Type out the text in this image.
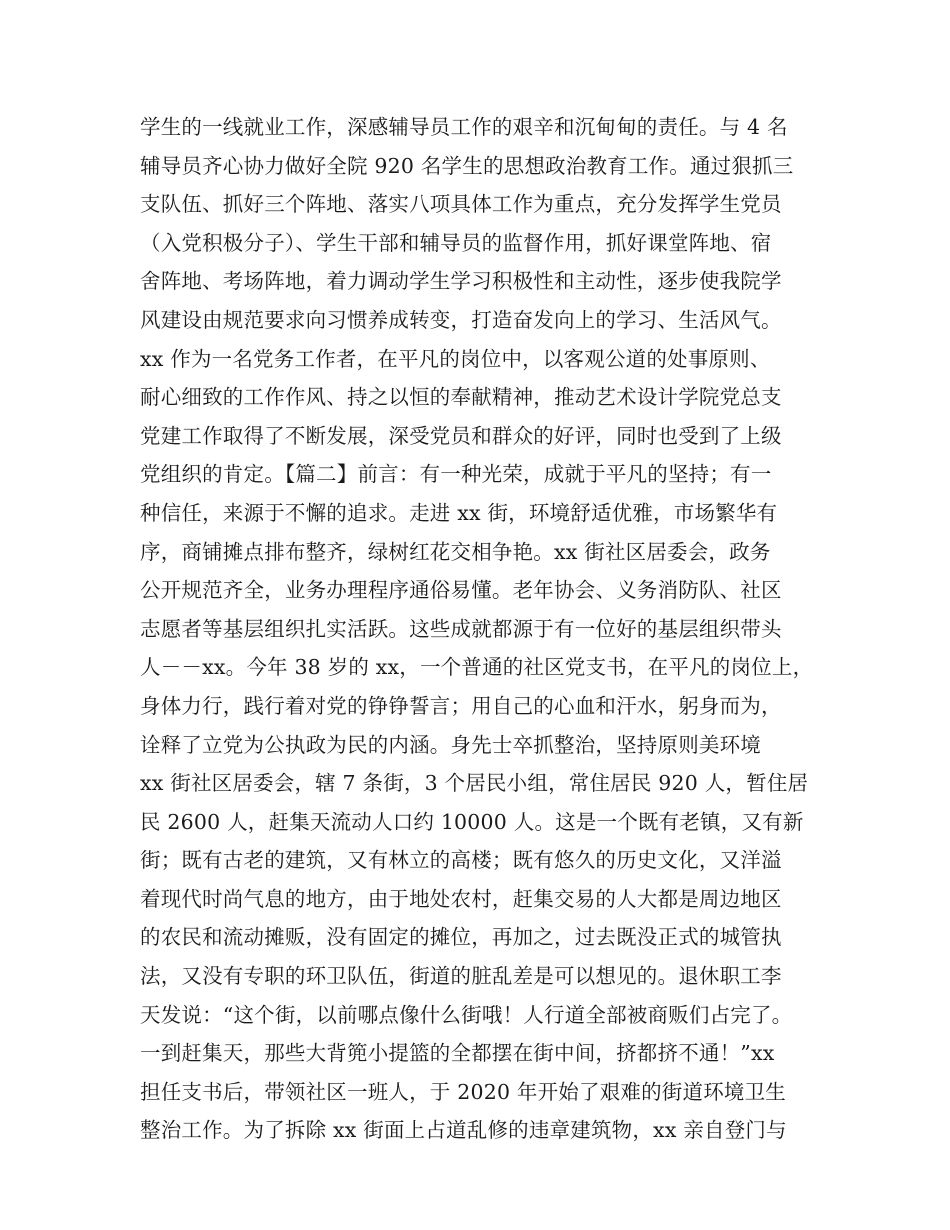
学生的一线就业工作，深感辅导员工作的艰辛和沉甸甸的责任。与 4 名
辅导员齐心协力做好全院 920 名学生的思想政治教育工作。通过狠抓三
支队伍、抓好三个阵地、落实八项具体工作为重点，充分发挥学生党员
（入党积极分子）、学生干部和辅导员的监督作用，抓好课堂阵地、宿
舍阵地、考场阵地，着力调动学生学习积极性和主动性，逐步使我院学
风建设由规范要求向习惯养成转变，打造奋发向上的学习、生活风气。
xx 作为一名党务工作者，在平凡的岗位中，以客观公道的处事原则、
耐心细致的工作作风、持之以恒的奉献精神，推动艺术设计学院党总支
党建工作取得了不断发展，深受党员和群众的好评，同时也受到了上级
党组织的肯定。【篇二】前言：有一种光荣，成就于平凡的坚持；有一
种信任，来源于不懈的追求。走进 xx 街，环境舒适优雅，市场繁华有
序，商铺摊点排布整齐，绿树红花交相争艳。xx 街社区居委会，政务
公开规范齐全，业务办理程序通俗易懂。老年协会、义务消防队、社区
志愿者等基层组织扎实活跃。这些成就都源于有一位好的基层组织带头
人－－xx。今年 38 岁的 xx，一个普通的社区党支书，在平凡的岗位上，
身体力行，践行着对党的铮铮誓言；用自己的心血和汗水，躬身而为，
诠释了立党为公执政为民的内涵。身先士卒抓整治，坚持原则美环境
xx 街社区居委会，辖 7 条街，3 个居民小组，常住居民 920 人，暂住居
民 2600 人，赶集天流动人口约 10000 人。这是一个既有老镇，又有新
街；既有古老的建筑，又有林立的高楼；既有悠久的历史文化，又洋溢
着现代时尚气息的地方，由于地处农村，赶集交易的人大都是周边地区
的农民和流动摊贩，没有固定的摊位，再加之，过去既没正式的城管执
法，又没有专职的环卫队伍，街道的脏乱差是可以想见的。退休职工李
天发说：“这个街，以前哪点像什么街哦！人行道全部被商贩们占完了。
一到赶集天，那些大背篼小提篮的全都摆在街中间，挤都挤不通！”xx
担任支书后，带领社区一班人，于 2020 年开始了艰难的街道环境卫生
整治工作。为了拆除 xx 街面上占道乱修的违章建筑物，xx 亲自登门与
